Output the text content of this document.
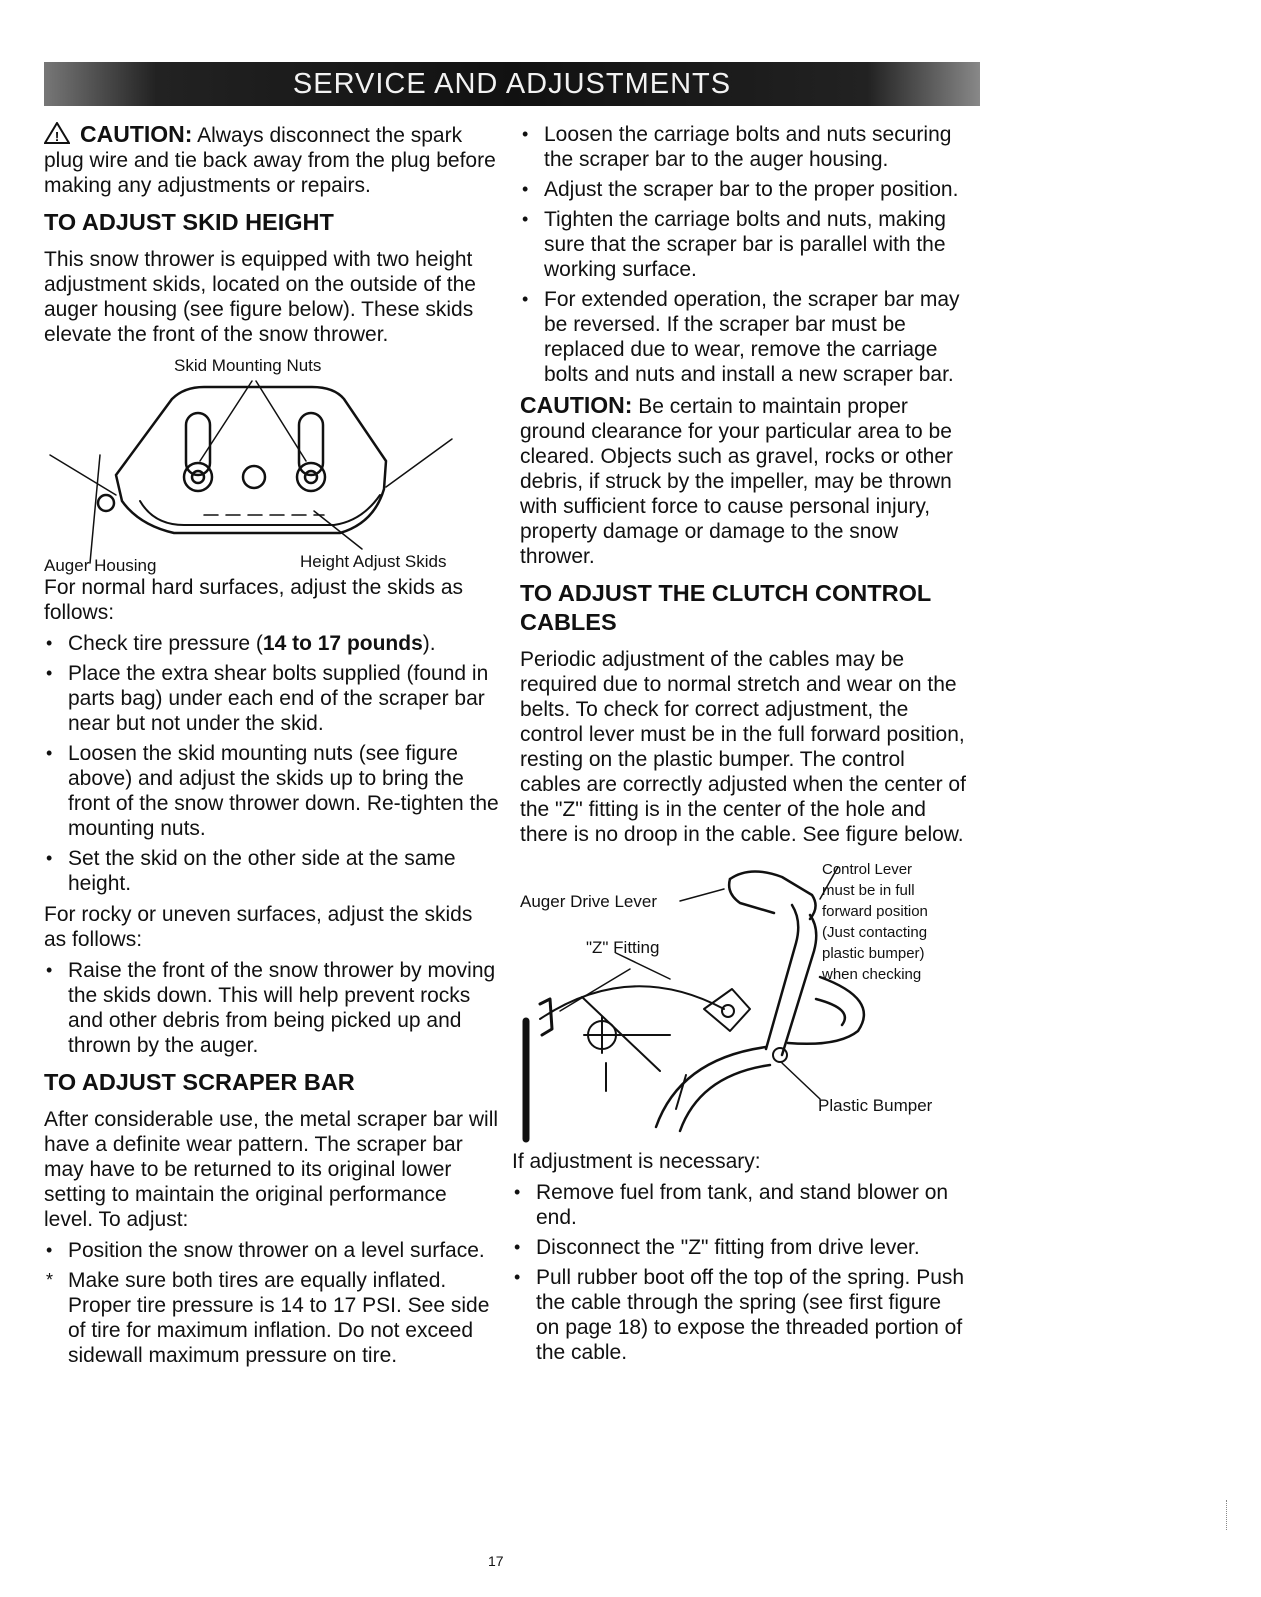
SERVICE AND ADJUSTMENTS

! CAUTION: Always disconnect the spark plug wire and tie back away from the plug before making any adjustments or repairs.

TO ADJUST SKID HEIGHT

This snow thrower is equipped with two height adjustment skids, located on the outside of the auger housing (see figure below). These skids elevate the front of the snow thrower.

Skid Mounting Nuts
Auger Housing	Height Adjust Skids

For normal hard surfaces, adjust the skids as follows:

• Check tire pressure (14 to 17 pounds).
• Place the extra shear bolts supplied (found in parts bag) under each end of the scraper bar near but not under the skid.
• Loosen the skid mounting nuts (see figure above) and adjust the skids up to bring the front of the snow thrower down. Re-tighten the mounting nuts.
• Set the skid on the other side at the same height.

For rocky or uneven surfaces, adjust the skids as follows:

• Raise the front of the snow thrower by moving the skids down. This will help prevent rocks and other debris from being picked up and thrown by the auger.
TO ADJUST SCRAPER BAR

After considerable use, the metal scraper bar will have a definite wear pattern. The scraper bar may have to be returned to its original lower setting to maintain the original performance level. To adjust:

• Position the snow thrower on a level surface.
* Make sure both tires are equally inflated. Proper tire pressure is 14 to 17 PSI. See side of tire for maximum inflation. Do not exceed sidewall maximum pressure on tire.
• Loosen the carriage bolts and nuts securing the scraper bar to the auger housing.
• Adjust the scraper bar to the proper position.
• Tighten the carriage bolts and nuts, making sure that the scraper bar is parallel with the working surface.
• For extended operation, the scraper bar may be reversed. If the scraper bar must be replaced due to wear, remove the carriage bolts and nuts and install a new scraper bar.

CAUTION: Be certain to maintain proper ground clearance for your particular area to be cleared. Objects such as gravel, rocks or other debris, if struck by the impeller, may be thrown with sufficient force to cause personal injury, property damage or damage to the snow thrower.

TO ADJUST THE CLUTCH CONTROL CABLES

Periodic adjustment of the cables may be required due to normal stretch and wear on the belts. To check for correct adjustment, the control lever must be in the full forward position, resting on the plastic bumper. The control cables are correctly adjusted when the center of the "Z" fitting is in the center of the hole and there is no droop in the cable. See figure below.

Auger Drive Lever
"Z" Fitting
Control Lever
must be in full
forward position
(Just contacting
plastic bumper)
when checking
Plastic Bumper

If adjustment is necessary:

• Remove fuel from tank, and stand blower on end.
• Disconnect the "Z" fitting from drive lever.
• Pull rubber boot off the top of the spring. Push the cable through the spring (see first figure on page 18) to expose the threaded portion of the cable.
17
